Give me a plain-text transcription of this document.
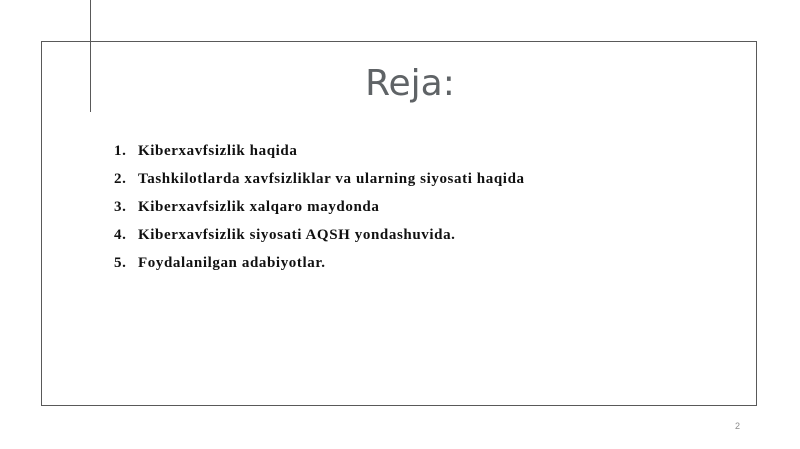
Reja:
1. Kiberxavfsizlik haqida
2. Tashkilotlarda xavfsizliklar va ularning siyosati haqida
3. Kiberxavfsizlik xalqaro maydonda
4. Kiberxavfsizlik siyosati AQSH yondashuvida.
5. Foydalanilgan adabiyotlar.
2
